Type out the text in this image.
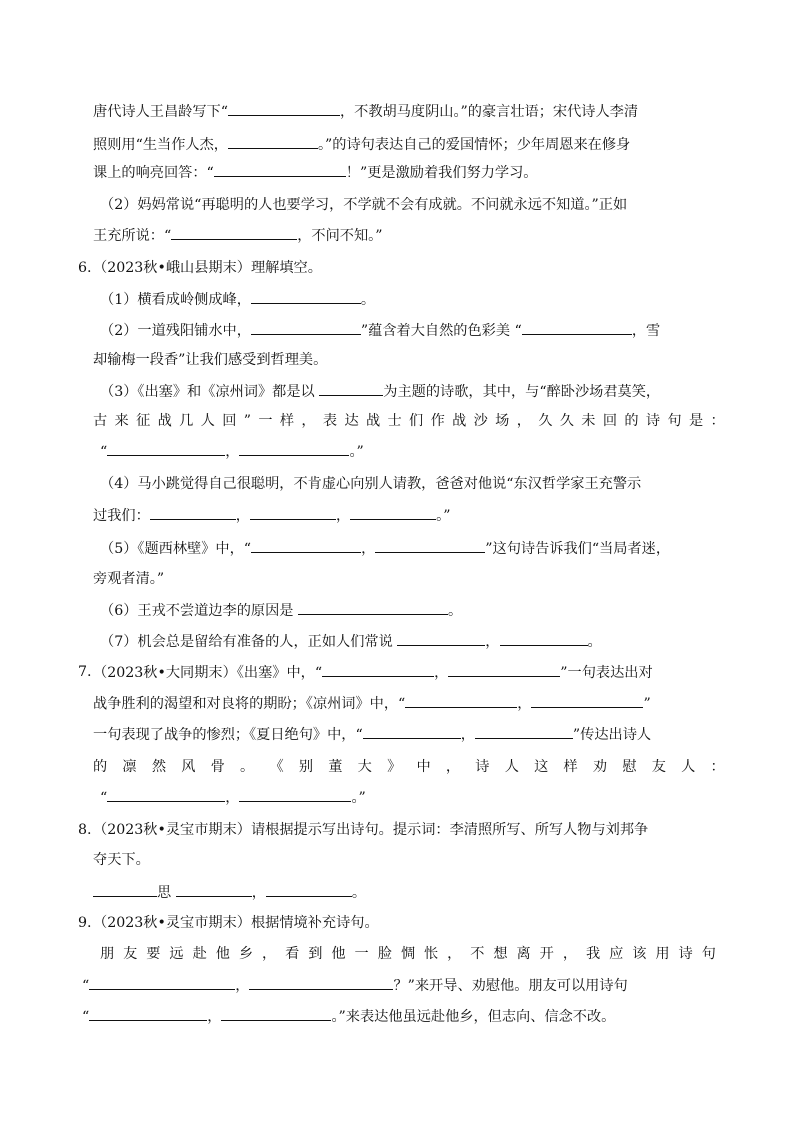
唐代诗人王昌龄写下“	，不教胡马度阴山。”的豪言壮语；宋代诗人李清
照则用“生当作人杰，	。”的诗句表达自己的爱国情怀；少年周恩来在修身
课上的响亮回答：“	！”更是激励着我们努力学习。
（2）妈妈常说“再聪明的人也要学习，不学就不会有成就。不问就永远不知道。”正如
王充所说：“	，不问不知。”
6. （2023秋•峨山县期末）理解填空。
（1）横看成岭侧成峰，	。
（2）一道残阳铺水中，	”蕴含着大自然的色彩美 “	，雪
却输梅一段香”让我们感受到哲理美。
（3）《出塞》和《凉州词》都是以	为主题的诗歌，其中，与“醉卧沙场君莫笑，
古 来 征 战 几 人 回 ” 一 样 ， 表 达 战 士 们 作 战 沙 场 ， 久 久 未 回 的 诗 句 是 ：
“	，	。”
（4）马小跳觉得自己很聪明，不肯虚心向别人请教，爸爸对他说“东汉哲学家王充警示
过我们：	，	，	。”
（5）《题西林壁》中，“	，	”这句诗告诉我们“当局者迷，
旁观者清。”
（6）王戎不尝道边李的原因是	。
（7）机会总是留给有准备的人，正如人们常说	，	。
7. （2023秋•大同期末）《出塞》中，“	，	”一句表达出对
战争胜利的渴望和对良将的期盼；《凉州词》中，“	，	”
一句表现了战争的惨烈；《夏日绝句》中，“	，	”传达出诗人
的 凛 然 风 骨 。 《 别 董 大 》 中 ， 诗 人 这 样 劝 慰 友 人 ：
“	，	。”
8. （2023秋•灵宝市期末）请根据提示写出诗句。提示词：李清照所写、所写人物与刘邦争
夺天下。
思	，	。
9. （2023秋•灵宝市期末）根据情境补充诗句。
朋 友 要 远 赴 他 乡 ， 看 到 他 一 脸 惆 怅 ， 不 想 离 开 ， 我 应 该 用 诗 句
“	，	？”来开导、劝慰他。朋友可以用诗句
“	，	。”来表达他虽远赴他乡，但志向、信念不改。
